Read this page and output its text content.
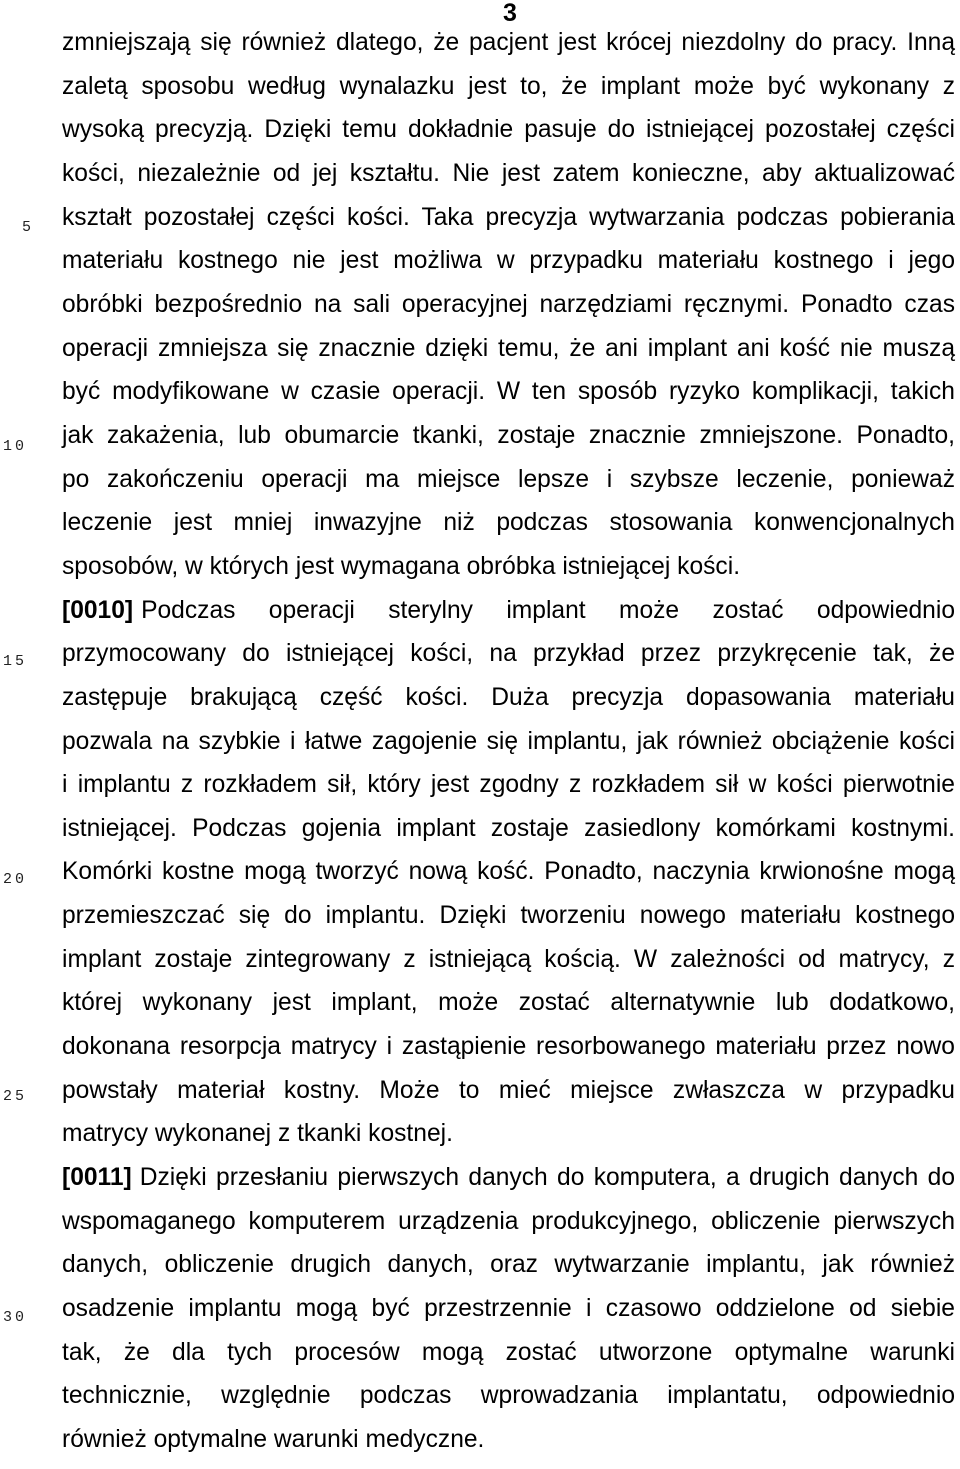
3
5
10
15
20
25
30
zmniejszają się również dlatego, że pacjent jest krócej niezdolny do pracy. Inną
zaletą sposobu według wynalazku jest to, że implant może być wykonany z
wysoką precyzją. Dzięki temu dokładnie pasuje do istniejącej pozostałej części
kości, niezależnie od jej kształtu. Nie jest zatem konieczne, aby aktualizować
kształt pozostałej części kości. Taka precyzja wytwarzania podczas pobierania
materiału kostnego nie jest możliwa w przypadku materiału kostnego i jego
obróbki bezpośrednio na sali operacyjnej narzędziami ręcznymi. Ponadto czas
operacji zmniejsza się znacznie dzięki temu, że ani implant ani kość nie muszą
być modyfikowane w czasie operacji. W ten sposób ryzyko komplikacji, takich
jak zakażenia, lub obumarcie tkanki, zostaje znacznie zmniejszone. Ponadto,
po zakończeniu operacji ma miejsce lepsze i szybsze leczenie, ponieważ
leczenie jest mniej inwazyjne niż podczas stosowania konwencjonalnych
sposobów, w których jest wymagana obróbka istniejącej kości.
[0010] Podczas operacji sterylny implant może zostać odpowiednio
przymocowany do istniejącej kości, na przykład przez przykręcenie tak, że
zastępuje brakującą część kości. Duża precyzja dopasowania materiału
pozwala na szybkie i łatwe zagojenie się implantu, jak również obciążenie kości
i implantu z rozkładem sił, który jest zgodny z rozkładem sił w kości pierwotnie
istniejącej. Podczas gojenia implant zostaje zasiedlony komórkami kostnymi.
Komórki kostne mogą tworzyć nową kość. Ponadto, naczynia krwionośne mogą
przemieszczać się do implantu. Dzięki tworzeniu nowego materiału kostnego
implant zostaje zintegrowany z istniejącą kością. W zależności od matrycy, z
której wykonany jest implant, może zostać alternatywnie lub dodatkowo,
dokonana resorpcja matrycy i zastąpienie resorbowanego materiału przez nowo
powstały materiał kostny. Może to mieć miejsce zwłaszcza w przypadku
matrycy wykonanej z tkanki kostnej.
[0011] Dzięki przesłaniu pierwszych danych do komputera, a drugich danych do
wspomaganego komputerem urządzenia produkcyjnego, obliczenie pierwszych
danych, obliczenie drugich danych, oraz wytwarzanie implantu, jak również
osadzenie implantu mogą być przestrzennie i czasowo oddzielone od siebie
tak, że dla tych procesów mogą zostać utworzone optymalne warunki
technicznie, względnie podczas wprowadzania implantatu, odpowiednio
również optymalne warunki medyczne.
